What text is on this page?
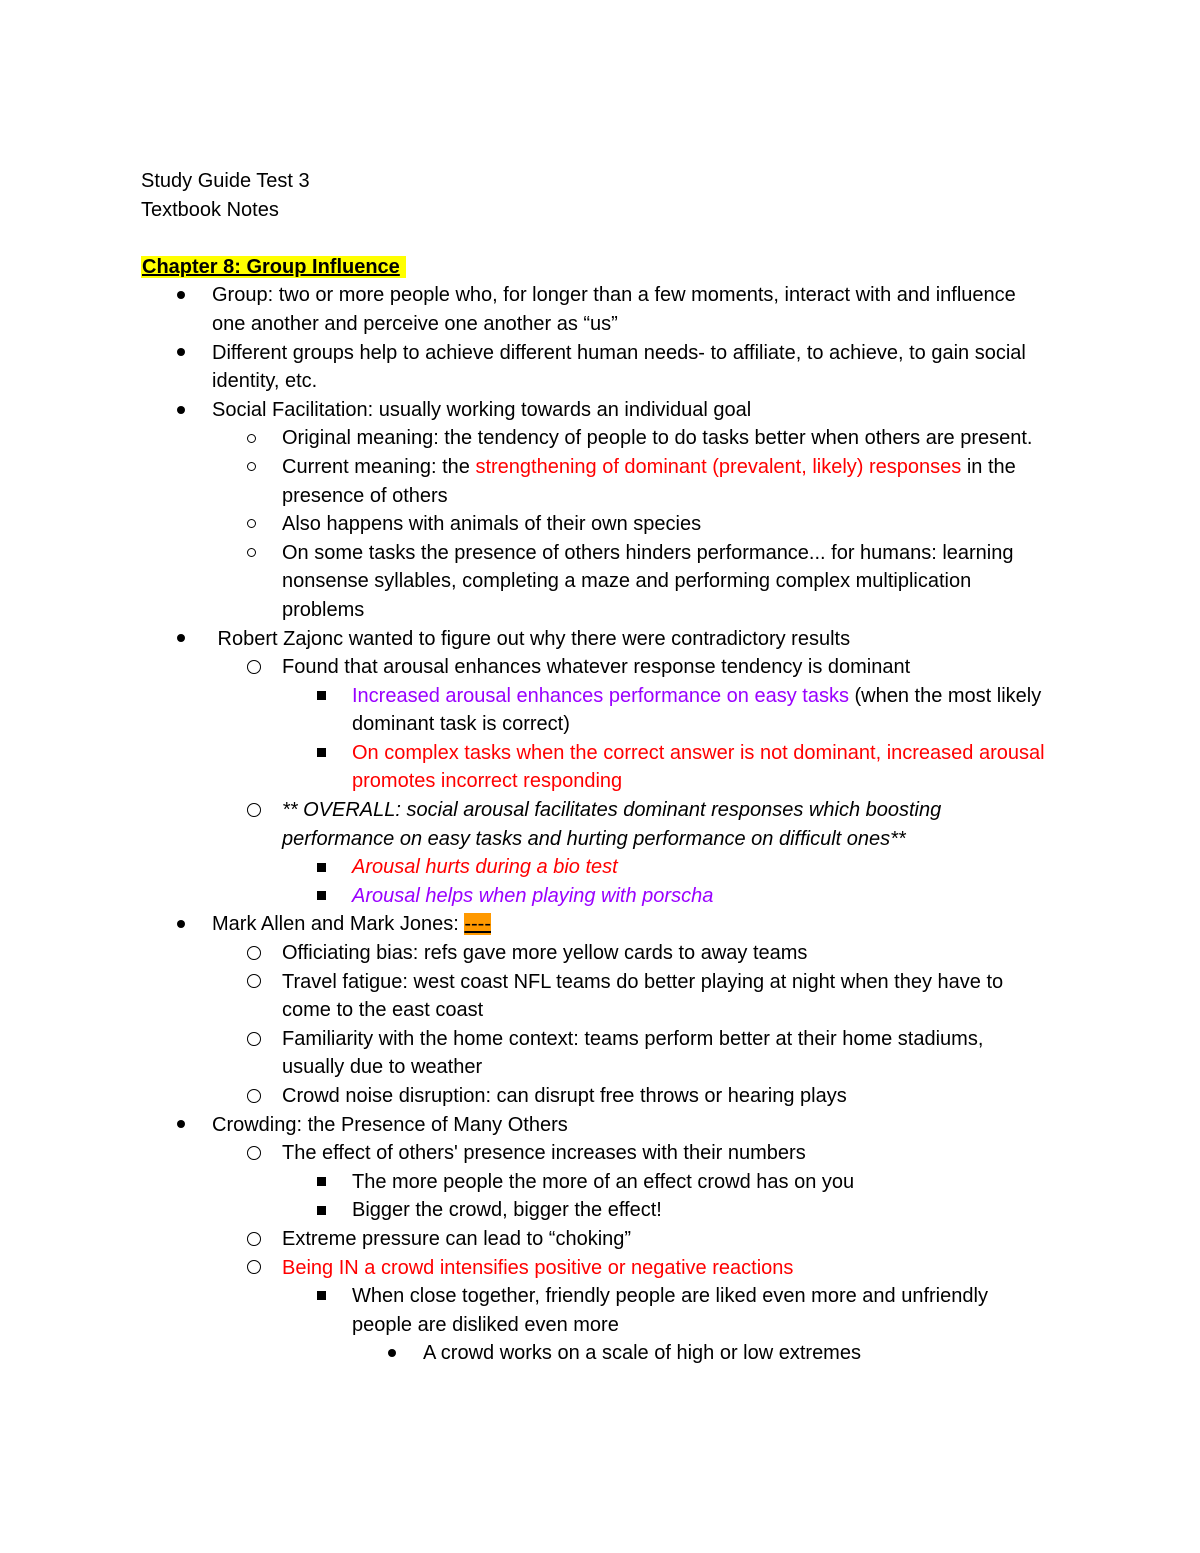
Study Guide Test 3
Textbook Notes
Chapter 8: Group Influence
Group: two or more people who, for longer than a few moments, interact with and influence one another and perceive one another as “us”
Different groups help to achieve different human needs- to affiliate, to achieve, to gain social identity, etc.
Social Facilitation: usually working towards an individual goal
Original meaning: the tendency of people to do tasks better when others are present.
Current meaning: the strengthening of dominant (prevalent, likely) responses in the presence of others
Also happens with animals of their own species
On some tasks the presence of others hinders performance... for humans: learning nonsense syllables, completing a maze and performing complex multiplication problems
Robert Zajonc wanted to figure out why there were contradictory results
Found that arousal enhances whatever response tendency is dominant
Increased arousal enhances performance on easy tasks (when the most likely dominant task is correct)
On complex tasks when the correct answer is not dominant, increased arousal promotes incorrect responding
** OVERALL: social arousal facilitates dominant responses which boosting performance on easy tasks and hurting performance on difficult ones**
Arousal hurts during a bio test
Arousal helps when playing with porscha
Mark Allen and Mark Jones: ----
Officiating bias: refs gave more yellow cards to away teams
Travel fatigue: west coast NFL teams do better playing at night when they have to come to the east coast
Familiarity with the home context: teams perform better at their home stadiums, usually due to weather
Crowd noise disruption: can disrupt free throws or hearing plays
Crowding: the Presence of Many Others
The effect of others' presence increases with their numbers
The more people the more of an effect crowd has on you
Bigger the crowd, bigger the effect!
Extreme pressure can lead to “choking”
Being IN a crowd intensifies positive or negative reactions
When close together, friendly people are liked even more and unfriendly people are disliked even more
A crowd works on a scale of high or low extremes
